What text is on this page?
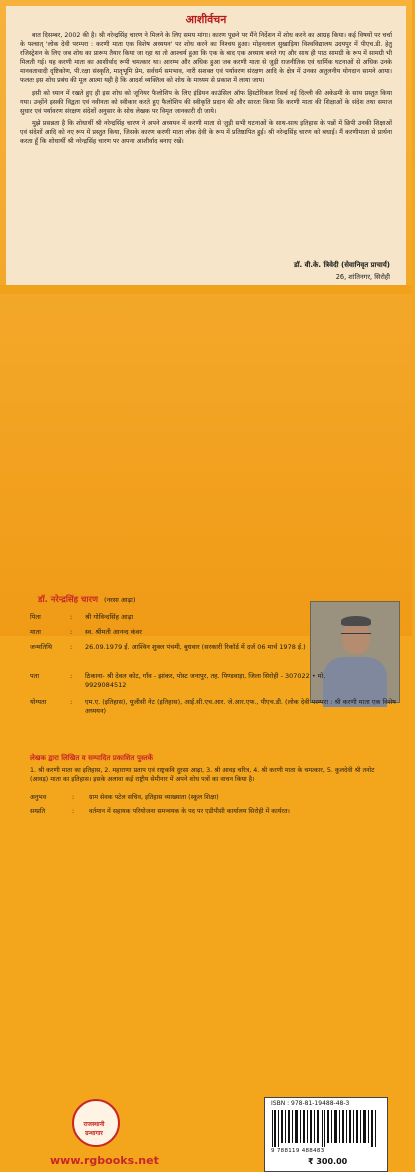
आशीर्वचन

बात दिसम्बर, 2002 की है। श्री नरेन्द्रसिंह चारण ने मिलने के लिए समय मांगा। कारण पूछने पर मैंने निर्देशन में शोध करने का आग्रह किया। कई विषयों पर चर्चा के पश्चात् 'लोक देवी परम्परा : करणी माता एक विशेष अध्ययन' पर शोध करने का निश्चय हुआ। मोहनलाल सुखाड़िया विश्वविद्यालय उदयपुर में पीएच.डी. हेतु रजिस्ट्रेशन के लिए जब शोध का प्रारूप तैयार किया जा रहा था तो आश्चर्य हुआ कि एक के बाद एक अध्याय बनते गए और साथ ही पाठ सामग्री के रूप में सामग्री भी मिलती गई। यह करणी माता का आशीर्वाद रूपी चमत्कार था। आरम्भ और अधिक हुआ जब करणी माता से जुड़ी राजनीतिक एवं धार्मिक घटनाओं से अधिक उनके मानवतावादी दृष्टिकोण, पी.रक्षा संस्कृति, मातृभूमि प्रेम, सर्वधर्म समभाव, नारी सशक्त एवं पर्यावरण संरक्षण आदि के क्षेत्र में उनका अतुलनीय योगदान सामने आया। फलतः इस शोध प्रबंध की मूल आत्मा यही है कि आदर्श व्यक्तित्व को शोध के माध्यम से प्रकाश में लाया जाय।

इसी को ध्यान में रखते हुए ही इस शोध को जूनियर फैलोशिप के लिए इंडियन काउंसिल ऑफ हिस्टोरिकल रिसर्च नई दिल्ली की अकेडमी के साथ प्रस्तुत किया गया। उन्होंने इसकी विद्वता एवं नवीनता को स्वीकार करते हुए फैलोशिप की स्वीकृति प्रदान की और सारतः किया कि करणी माता की शिक्षाओं के संदेश तथा समाज सुधार एवं पर्यावरण संरक्षण संदेशों अनुसार के सोध लेखक पर विमृत जानकारी दी जाये।

मुझे प्रसन्नता है कि शोधार्थी श्री नरेन्द्रसिंह चारण ने अपने अध्ययन में करणी माता से जुड़ी सभी घटनाओं के साथ-साथ इतिहास के पन्नों में छिपी उनकी शिक्षाओं एवं संदेशों आदि को नए रूप में प्रस्तुत किया, जिसके कारण करणी माता लोक देवी के रूप में प्रतिष्ठापित हुई। श्री नरेन्द्रसिंह चारण को बधाई। मैं करणीमाता से प्रार्थना करता हूँ कि शोधार्थी श्री नरेन्द्रसिंह चारण पर अपना आशीर्वाद बनाए रखें।

डॉ. वी.के. त्रिवेदी (सेवानिवृत प्राचार्य)
26, शांतिनगर, सिरोही
डॉ. नरेन्द्रसिंह चारण (नरसा आढ़ा)
पिता	: श्री गोविन्दसिंह आढ़ा
माता	: स्व. श्रीमती आनन्द कंवर
जन्मतिथि	: 26.09.1979 ई. आश्विन शुक्ल पंचमी, बुधवार (सरकारी रिकॉर्ड में दर्ज 06 मार्च 1978 ई.)
पता	: ठिकाना- श्री देवल कोट, गाँव - झांकर, पोस्ट जनापुर, तह. पिण्डवाड़ा, जिला सिरोही - 307022 • मो. 9929084512
योग्यता	: एम.ए. (इतिहास), यूजीसी नेट (इतिहास), आई.सी.एच.आर. जे.आर.एफ., पीएच.डी. (लोक देवी परम्परा : श्री करणी माता एक विशेष अध्ययन)
लेखक द्वारा लिखित व सम्पादित प्रकाशित पुस्तकें
1. श्री करणी माता का इतिहास, 2. महाराणा प्रताप एवं राष्ट्रकवि दुरसा आढ़ा, 3. श्री आवड़ चरित्र, 4. श्री करणी माता के चमत्कार, 5. कुलदेवी श्री तनोट (आवड़) माता का इतिहास। इसके अलावा कई राष्ट्रीय सेमीनार में अपने शोध पत्रों का वाचन किया है।
अनुभव	: ग्राम सेवक पटेल सचिव, इतिहास व्याख्याता (स्कूल शिक्षा)
सम्प्रति	: वर्तमान में सहायक परियोजना समन्वयक के पद पर एडीपीसी कार्यालय सिरोही में कार्यरत।
राजस्थानी
ग्रन्थागार
www.rgbooks.net
ISBN : 978-81-19488-48-3
9 788119 488483
₹ 300.00
